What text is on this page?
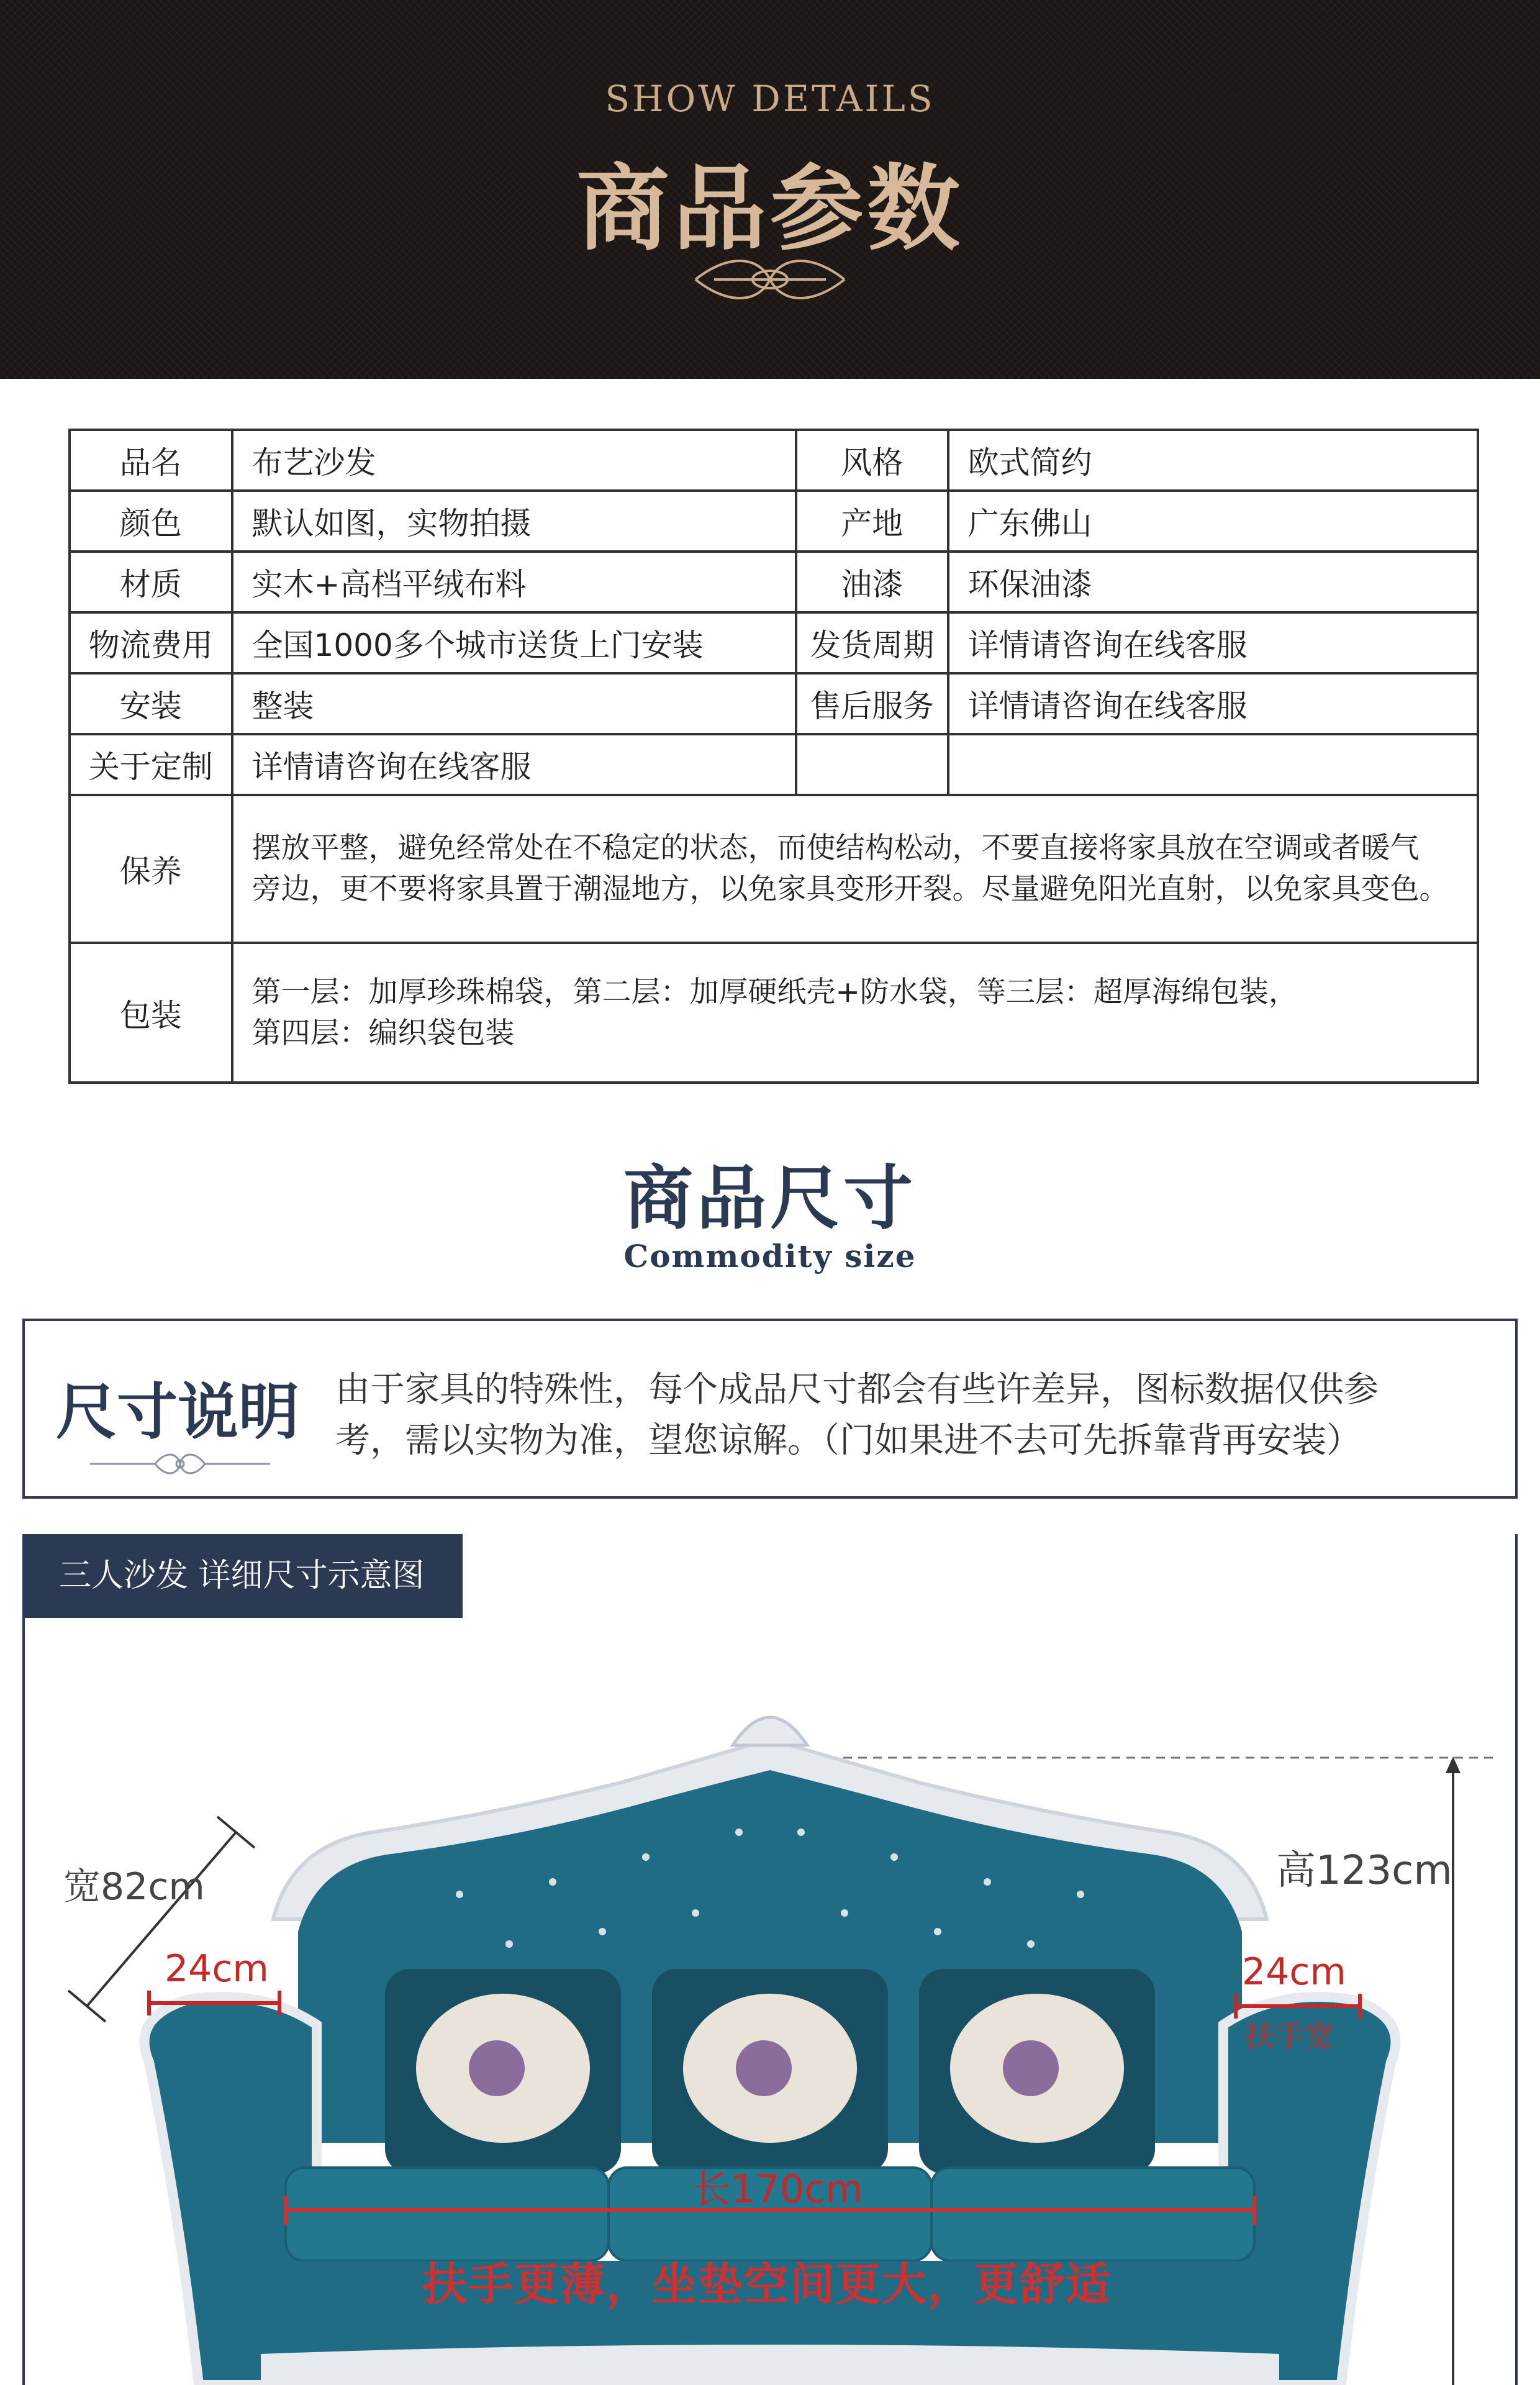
SHOW DETAILS
商品参数
品名	布艺沙发	风格	欧式简约
颜色	默认如图，实物拍摄	产地	广东佛山
材质	实木+高档平绒布料	油漆	环保油漆
物流费用	全国1000多个城市送货上门安装	发货周期	详情请咨询在线客服
安装	整装	售后服务	详情请咨询在线客服
关于定制	详情请咨询在线客服		
保养	摆放平整，避免经常处在不稳定的状态，而使结构松动，不要直接将家具放在空调或者暖气
旁边，更不要将家具置于潮湿地方，以免家具变形开裂。尽量避免阳光直射，以免家具变色。		

包装	第一层：加厚珍珠棉袋，第二层：加厚硬纸壳+防水袋，等三层：超厚海绵包装，
第四层：编织袋包装		
商品尺寸
Commodity size
尺寸说明 由于家具的特殊性，每个成品尺寸都会有些许差异，图标数据仅供参
考，需以实物为准，望您谅解。（门如果进不去可先拆靠背再安装）
三人沙发 详细尺寸示意图
宽82cm	高123cm
24cm	24cm
扶手宽
长170cm
扶手更薄，坐垫空间更大，更舒适
